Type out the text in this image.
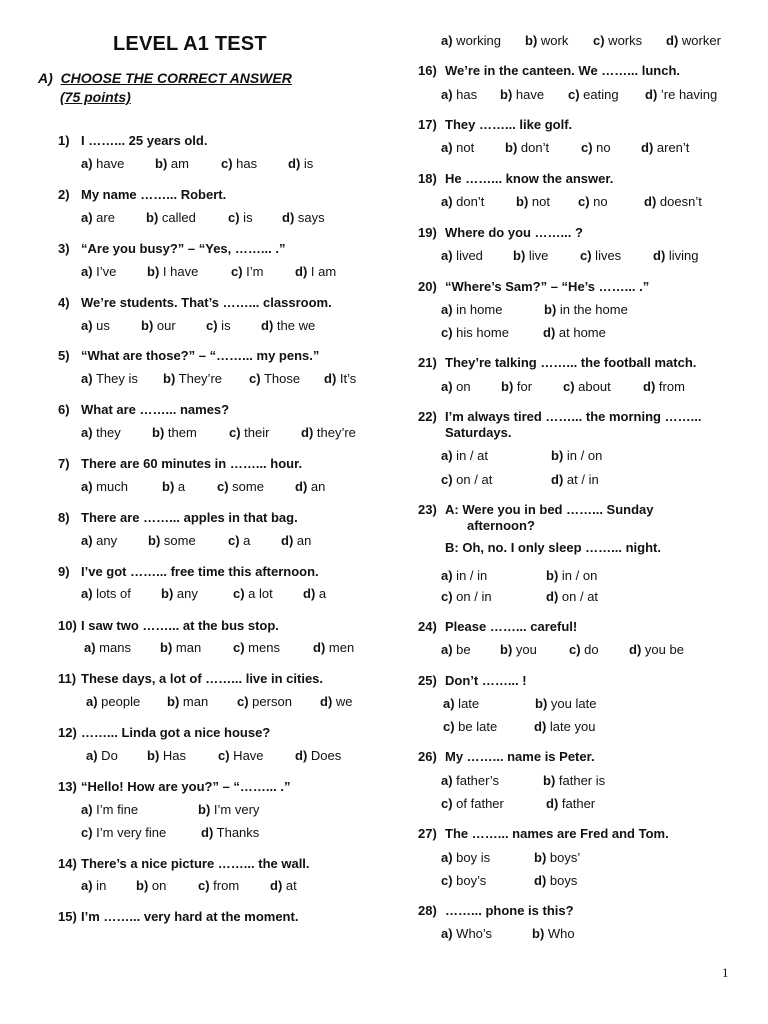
LEVEL A1 TEST
A) CHOOSE THE CORRECT ANSWER
(75 points)
1
1) I ……... 25 years old.
a) have b) am c) has d) is
2) My name ……... Robert.
a) are b) called c) is d) says
3) “Are you busy?” – “Yes, ……... .”
a) I’ve b) I have	c) I’m d) I am
4) We’re students. That’s ……... classroom.
a) us b) our c) is d) the we
5) “What are those?” – “……... my pens.”
a) They is b) They’re c) Those d) It’s
6) What are ……... names?
a) they b) them c) their d) they’re
7) There are 60 minutes in ……... hour.
a) much	b) a c) some d) an
8) There are ……... apples in that bag.
a) any b) some c) a d) an
9) I’ve got ……... free time this afternoon.
a) lots of b) any	c) a lot d) a
10) I saw two ……... at the bus stop.
a) mans b) man c) mens	d) men
11) These days, a lot of ……... live in cities.
a) people b) man c) person d) we
12) ……... Linda got a nice house?
a) Do b) Has c) Have d) Does
13) “Hello! How are you?” – “……... .”
a) I’m fine	b) I’m very
c) I’m very fine	d) Thanks
14) There’s a nice picture ……... the wall.
a) in b) on c) from d) at
15) I’m ……... very hard at the moment.
a) working b) work c) works d) worker
16) We’re in the canteen. We ……... lunch.
a) has b) have c) eating d) ’re having
17) They ……... like golf.
a) not b) don’t c) no d) aren’t
18) He ……... know the answer.
a) don’t b) not c) no	d) doesn’t
19) Where do you ……... ?
a) lived b) live c) lives d) living
20) “Where’s Sam?” – “He’s ……... .”
a) in home	b) in the home
c) his home	d) at home
21) They’re talking ……... the football match.
a) on b) for c) about d) from
22) I’m always tired ……... the morning ……...
Saturdays.
a) in / at	b) in / on
c) on / at	d) at / in
23) A: Were you in bed ……... Sunday
afternoon?
B: Oh, no. I only sleep ……... night.
a) in / in	b) in / on
c) on / in	d) on / at
24) Please ……... careful!
a) be b) you c) do d) you be
25) Don’t ……... !
a) late	b) you late
c) be late	d) late you
26) My ……... name is Peter.
a) father’s	b) father is
c) of father	d) father
27) The ……... names are Fred and Tom.
a) boy is	b) boys’
c) boy’s	d) boys
28) ……... phone is this?
a) Who’s	b) Who
